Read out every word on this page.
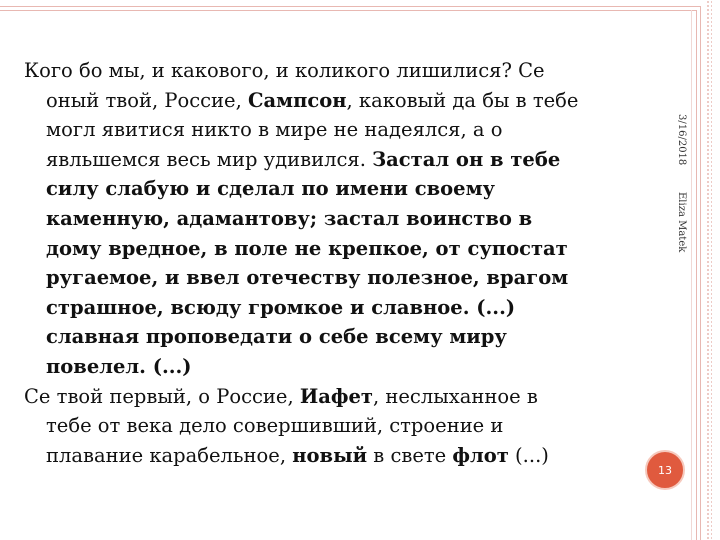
Кого бо мы, и какового, и коликого лишилися? Се оный твой, Россие, Сампсон, каковый да бы в тебе могл явитися никто в мире не надеялся, а о явльшемся весь мир удивился. Застал он в тебе силу слабую и сделал по имени своему каменную, адамантову; застал воинство в дому вредное, в поле не крепкое, от супостат ругаемое, и ввел отечеству полезное, врагом страшное, всюду громкое и славное. (...) славная проповедати о себе всему миру повелел. (...)

Се твой первый, о Россие, Иафет, неслыханное в тебе от века дело совершивший, строение и плавание карабельное, новый в свете флот (...)

3/16/2018
Eliza Matek
13
